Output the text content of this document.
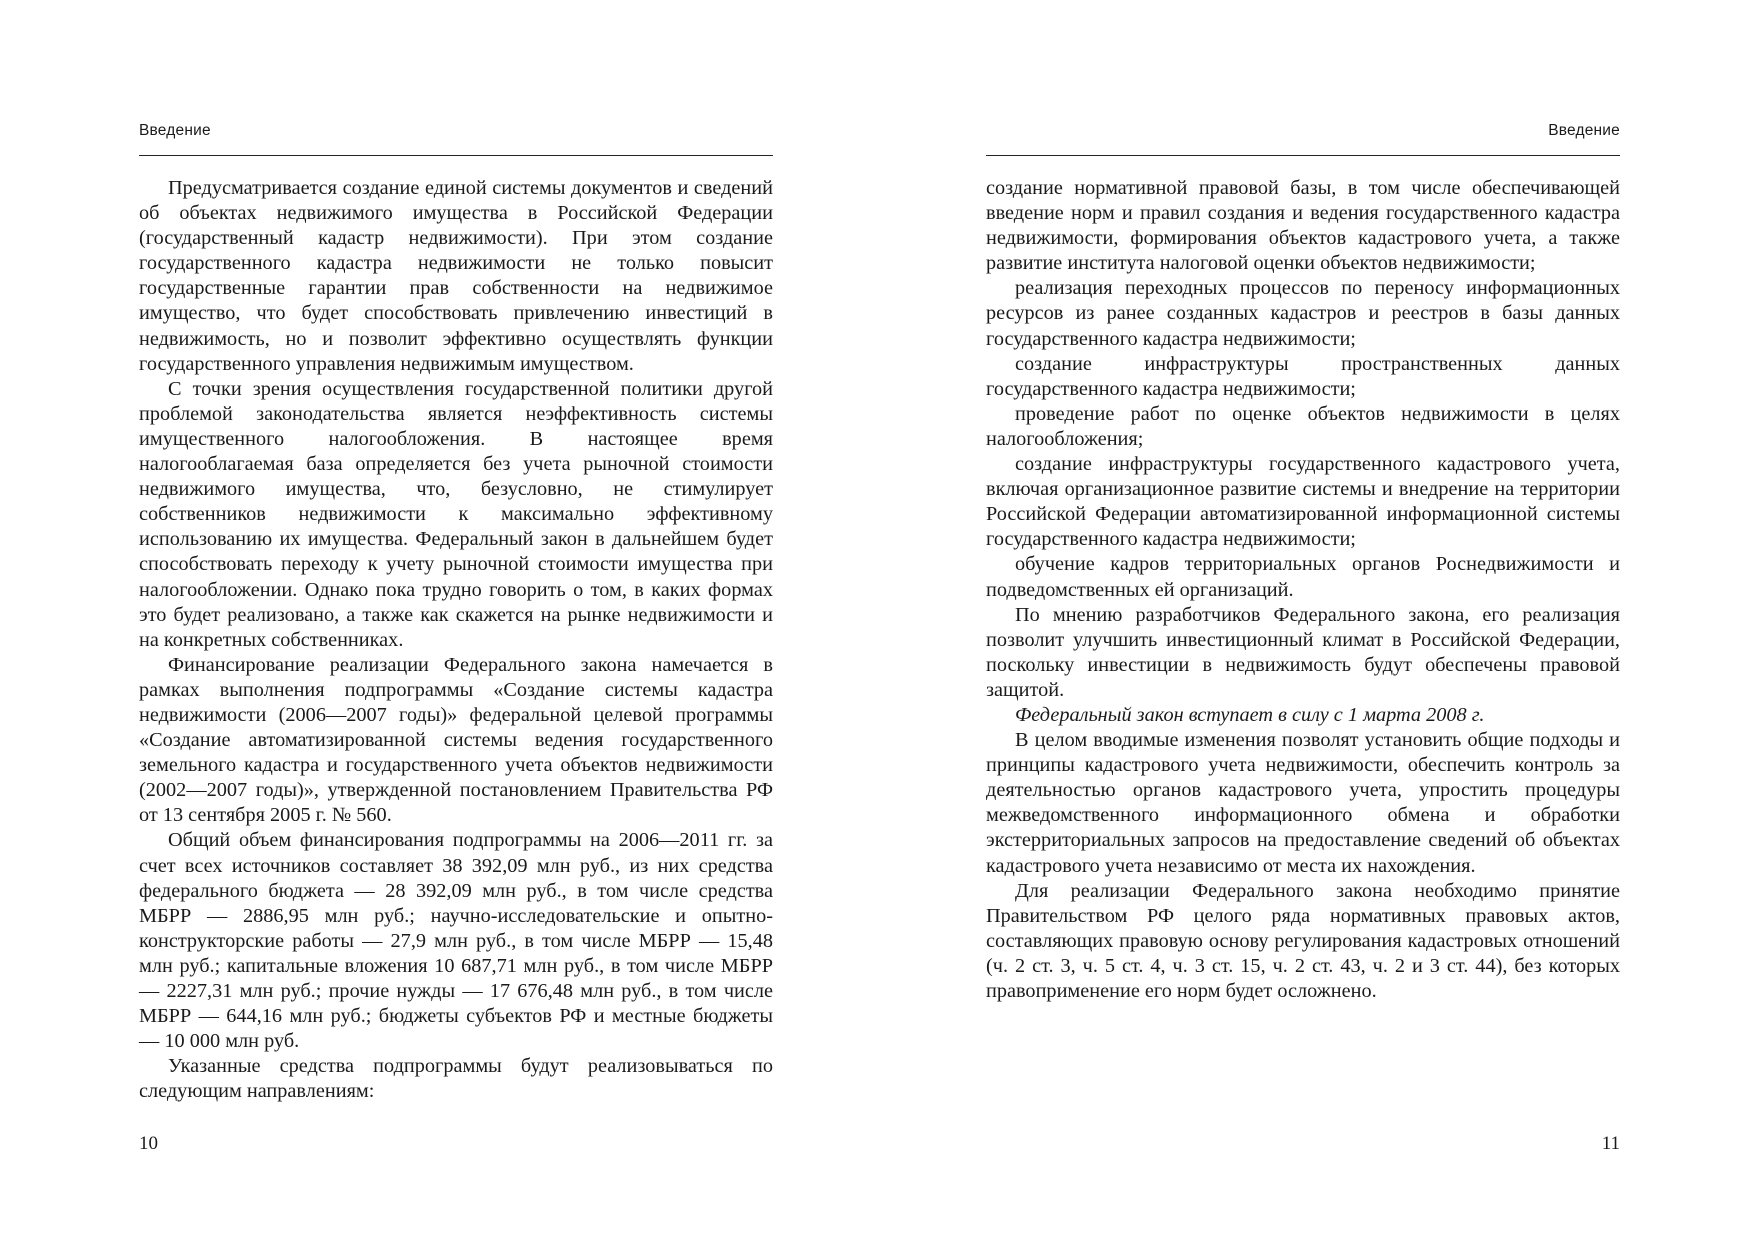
Введение

Предусматривается создание единой системы документов и сведений об объектах недвижимого имущества в Российской Федерации (государственный кадастр недвижимости). При этом создание государственного кадастра недвижимости не только повысит государственные гарантии прав собственности на недвижимое имущество, что будет способствовать привлечению инвестиций в недвижимость, но и позволит эффективно осуществлять функции государственного управления недвижимым имуществом.

С точки зрения осуществления государственной политики другой проблемой законодательства является неэффективность системы имущественного налогообложения. В настоящее время налогооблагаемая база определяется без учета рыночной стоимости недвижимого имущества, что, безусловно, не стимулирует собственников недвижимости к максимально эффективному использованию их имущества. Федеральный закон в дальнейшем будет способствовать переходу к учету рыночной стоимости имущества при налогообложении. Однако пока трудно говорить о том, в каких формах это будет реализовано, а также как скажется на рынке недвижимости и на конкретных собственниках.

Финансирование реализации Федерального закона намечается в рамках выполнения подпрограммы «Создание системы кадастра недвижимости (2006—2007 годы)» федеральной целевой программы «Создание автоматизированной системы ведения государственного земельного кадастра и государственного учета объектов недвижимости (2002—2007 годы)», утвержденной постановлением Правительства РФ от 13 сентября 2005 г. № 560.

Общий объем финансирования подпрограммы на 2006—2011 гг. за счет всех источников составляет 38 392,09 млн руб., из них средства федерального бюджета — 28 392,09 млн руб., в том числе средства МБРР — 2886,95 млн руб.; научно-исследовательские и опытно-конструкторские работы — 27,9 млн руб., в том числе МБРР — 15,48 млн руб.; капитальные вложения 10 687,71 млн руб., в том числе МБРР — 2227,31 млн руб.; прочие нужды — 17 676,48 млн руб., в том числе МБРР — 644,16 млн руб.; бюджеты субъектов РФ и местные бюджеты — 10 000 млн руб.

Указанные средства подпрограммы будут реализовываться по следующим направлениям:

10
Введение

создание нормативной правовой базы, в том числе обеспечивающей введение норм и правил создания и ведения государственного кадастра недвижимости, формирования объектов кадастрового учета, а также развитие института налоговой оценки объектов недвижимости;

реализация переходных процессов по переносу информационных ресурсов из ранее созданных кадастров и реестров в базы данных государственного кадастра недвижимости;

создание инфраструктуры пространственных данных государственного кадастра недвижимости;

проведение работ по оценке объектов недвижимости в целях налогообложения;

создание инфраструктуры государственного кадастрового учета, включая организационное развитие системы и внедрение на территории Российской Федерации автоматизированной информационной системы государственного кадастра недвижимости;

обучение кадров территориальных органов Роснедвижимости и подведомственных ей организаций.

По мнению разработчиков Федерального закона, его реализация позволит улучшить инвестиционный климат в Российской Федерации, поскольку инвестиции в недвижимость будут обеспечены правовой защитой.

Федеральный закон вступает в силу с 1 марта 2008 г.

В целом вводимые изменения позволят установить общие подходы и принципы кадастрового учета недвижимости, обеспечить контроль за деятельностью органов кадастрового учета, упростить процедуры межведомственного информационного обмена и обработки экстерриториальных запросов на предоставление сведений об объектах кадастрового учета независимо от места их нахождения.

Для реализации Федерального закона необходимо принятие Правительством РФ целого ряда нормативных правовых актов, составляющих правовую основу регулирования кадастровых отношений (ч. 2 ст. 3, ч. 5 ст. 4, ч. 3 ст. 15, ч. 2 ст. 43, ч. 2 и 3 ст. 44), без которых правоприменение его норм будет осложнено.

11
